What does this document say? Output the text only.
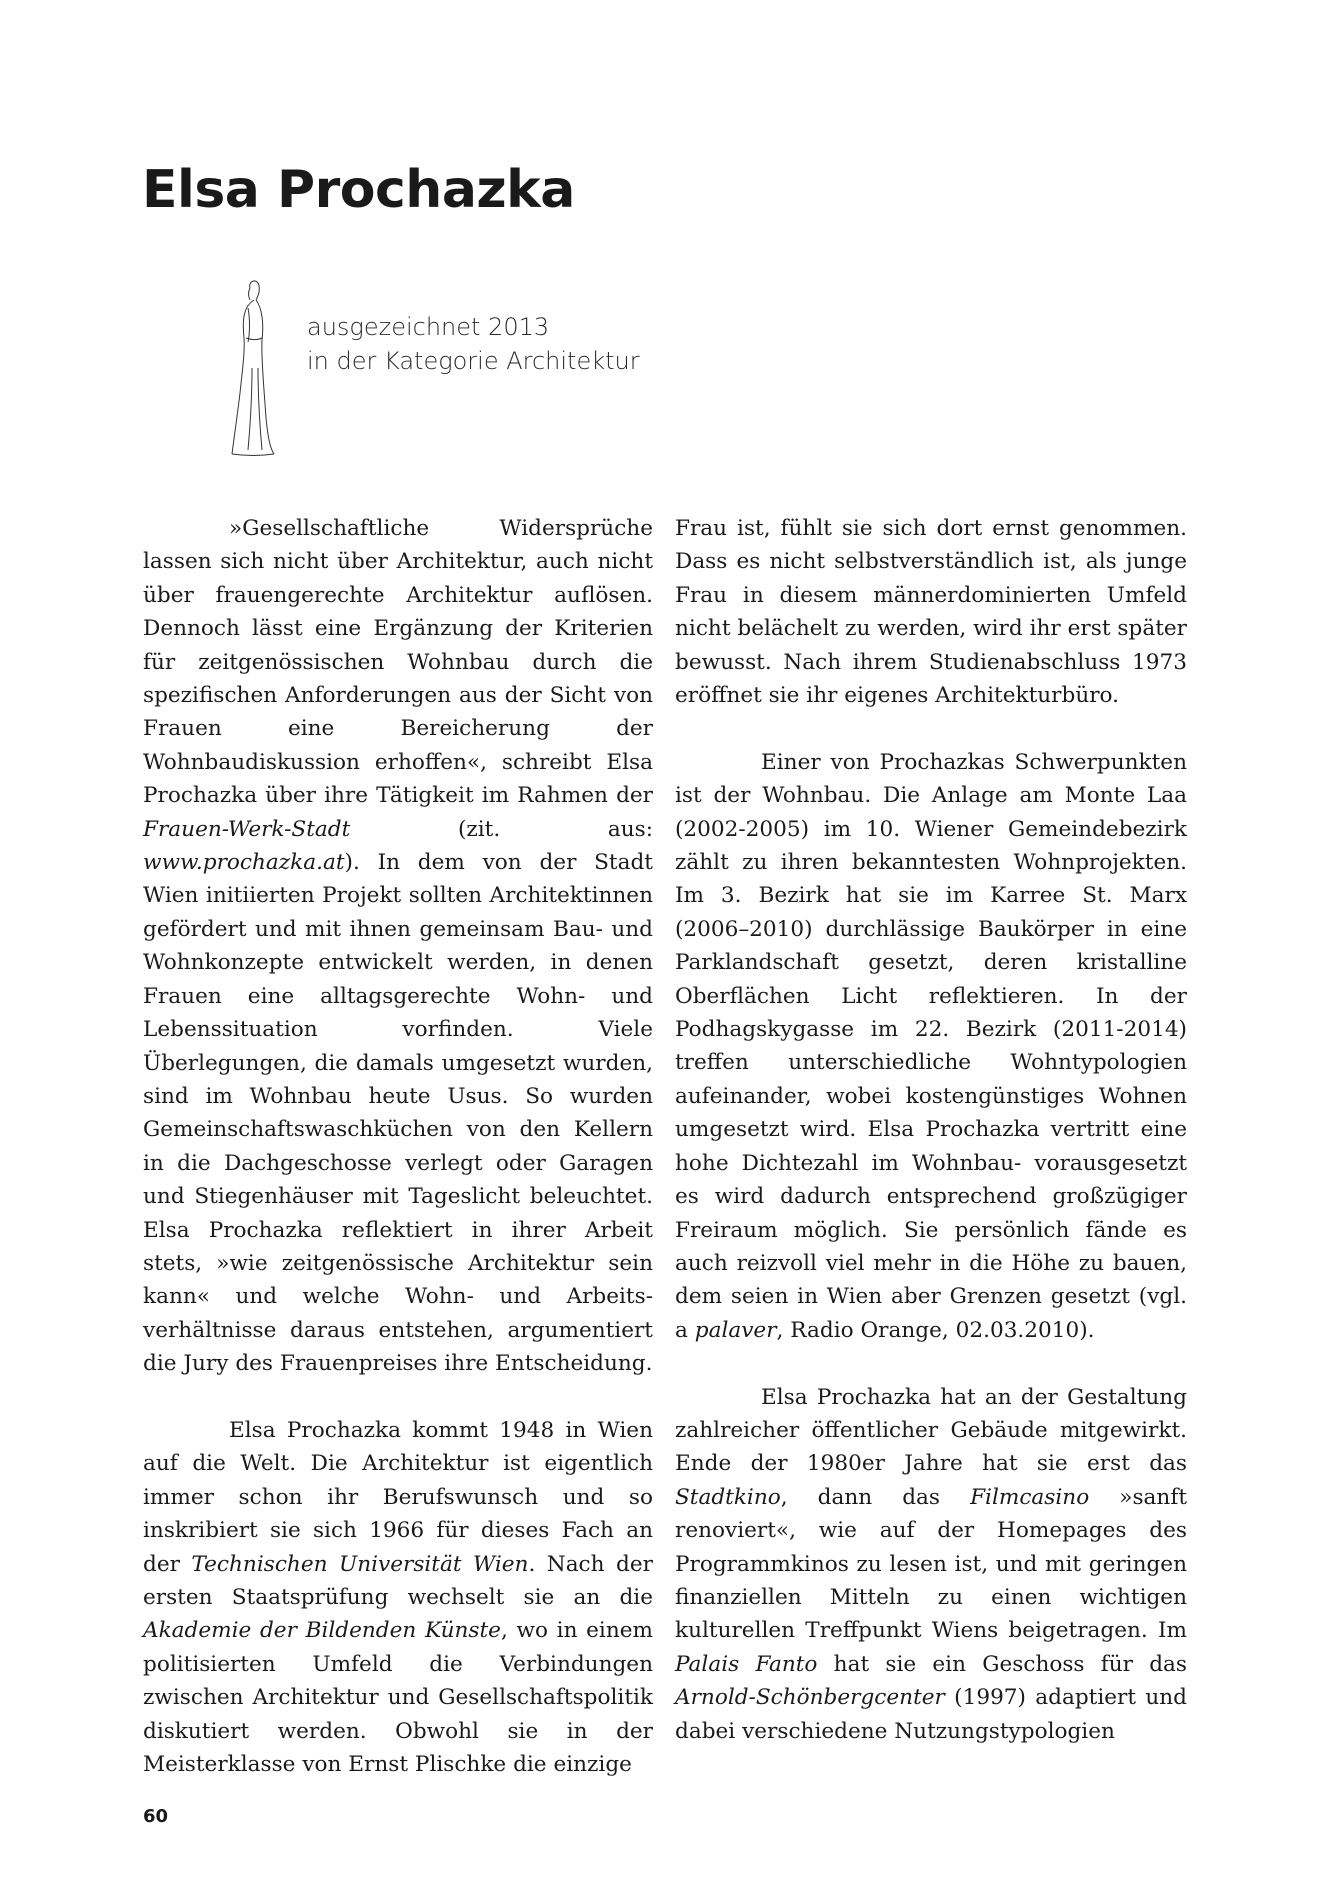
Elsa Prochazka
ausgezeichnet 2013
in der Kategorie Architektur

»Gesellschaftliche Widersprüche lassen sich nicht über Architektur, auch nicht über frauengerechte Architektur auflösen. Dennoch lässt eine Ergänzung der Kriterien für zeitgenössischen Wohnbau durch die spezifischen Anforderungen aus der Sicht von Frauen eine Bereicherung der Wohnbaudiskussion erhoffen«, schreibt Elsa Prochazka über ihre Tätigkeit im Rahmen der Frauen-Werk-Stadt (zit. aus: www.prochazka.at). In dem von der Stadt Wien initiierten Projekt sollten Architektinnen gefördert und mit ihnen gemeinsam Bau- und Wohnkonzepte entwickelt werden, in denen Frauen eine alltagsgerechte Wohn- und Lebenssituation vorfinden. Viele Überlegungen, die damals umgesetzt wurden, sind im Wohnbau heute Usus. So wurden Gemeinschaftswaschküchen von den Kellern in die Dachgeschosse verlegt oder Garagen und Stiegenhäuser mit Tageslicht beleuchtet. Elsa Prochazka reflektiert in ihrer Arbeit stets, »wie zeitgenössische Architektur sein kann« und welche Wohn- und Arbeitsverhältnisse daraus entstehen, argumentiert die Jury des Frauenpreises ihre Entscheidung.

Elsa Prochazka kommt 1948 in Wien auf die Welt. Die Architektur ist eigentlich immer schon ihr Berufswunsch und so inskribiert sie sich 1966 für dieses Fach an der Technischen Universität Wien. Nach der ersten Staatsprüfung wechselt sie an die Akademie der Bildenden Künste, wo in einem politisierten Umfeld die Verbindungen zwischen Architektur und Gesellschaftspolitik diskutiert werden. Obwohl sie in der Meisterklasse von Ernst Plischke die einzige

Frau ist, fühlt sie sich dort ernst genommen. Dass es nicht selbstverständlich ist, als junge Frau in diesem männerdominierten Umfeld nicht belächelt zu werden, wird ihr erst später bewusst. Nach ihrem Studienabschluss 1973 eröffnet sie ihr eigenes Architekturbüro.

Einer von Prochazkas Schwerpunkten ist der Wohnbau. Die Anlage am Monte Laa (2002-2005) im 10. Wiener Gemeindebezirk zählt zu ihren bekanntesten Wohnprojekten. Im 3. Bezirk hat sie im Karree St. Marx (2006–2010) durchlässige Baukörper in eine Parklandschaft gesetzt, deren kristalline Oberflächen Licht reflektieren. In der Podhagskygasse im 22. Bezirk (2011-2014) treffen unterschiedliche Wohntypologien aufeinander, wobei kostengünstiges Wohnen umgesetzt wird. Elsa Prochazka vertritt eine hohe Dichtezahl im Wohnbau- vorausgesetzt es wird dadurch entsprechend großzügiger Freiraum möglich. Sie persönlich fände es auch reizvoll viel mehr in die Höhe zu bauen, dem seien in Wien aber Grenzen gesetzt (vgl. a palaver, Radio Orange, 02.03.2010).

Elsa Prochazka hat an der Gestaltung zahlreicher öffentlicher Gebäude mitgewirkt. Ende der 1980er Jahre hat sie erst das Stadtkino, dann das Filmcasino »sanft renoviert«, wie auf der Homepages des Programmkinos zu lesen ist, und mit geringen finanziellen Mitteln zu einen wichtigen kulturellen Treffpunkt Wiens beigetragen. Im Palais Fanto hat sie ein Geschoss für das Arnold-Schönbergcenter (1997) adaptiert und dabei verschiedene Nutzungstypologien

60
